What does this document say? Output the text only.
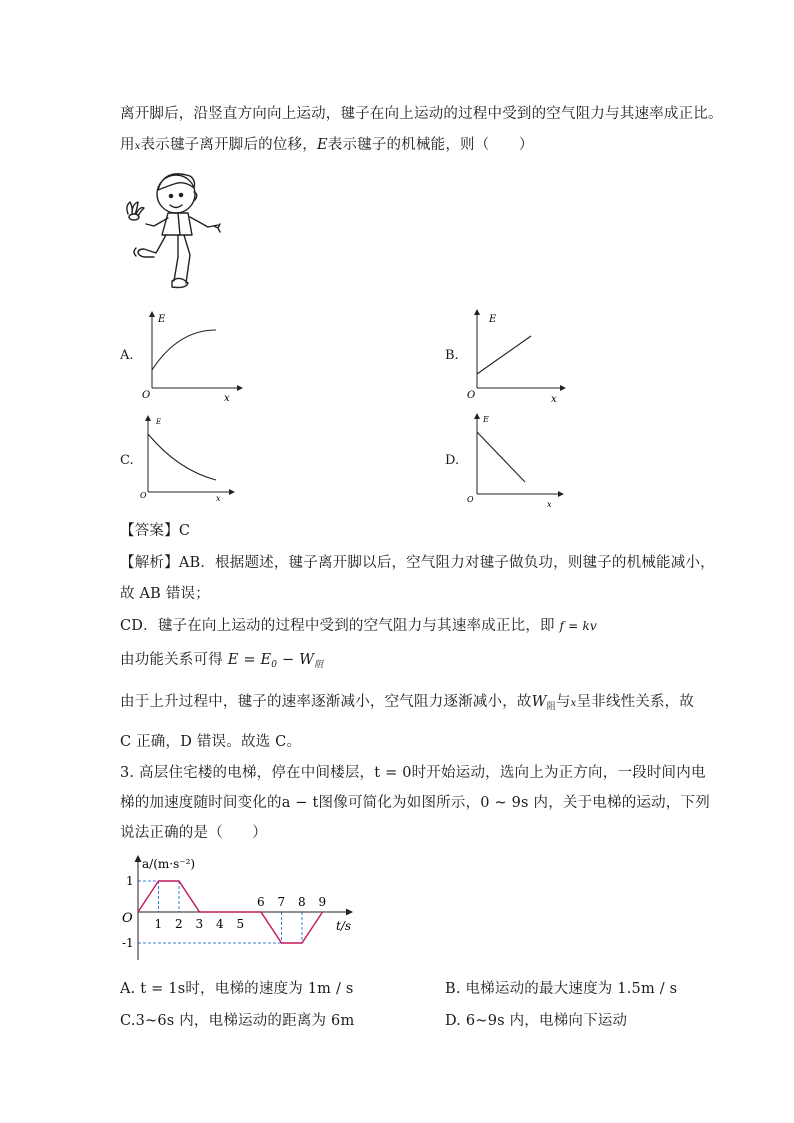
离开脚后，沿竖直方向向上运动，毽子在向上运动的过程中受到的空气阻力与其速率成正比。
用x表示毽子离开脚后的位移，E表示毽子的机械能，则（　　）
A.
E
O	x
B.
E
O	x
C.
E
O	x
D.
E
O
x
【答案】C
【解析】AB．根据题述，毽子离开脚以后，空气阻力对毽子做负功，则毽子的机械能减小，
故 AB 错误；
CD．毽子在向上运动的过程中受到的空气阻力与其速率成正比，即 f = kv
由功能关系可得 $E = E_0 - W_阻$
由于上升过程中，毽子的速率逐渐减小，空气阻力逐渐减小，故$W_阻$与x呈非线性关系，故
C 正确，D 错误。故选 C。
3. 高层住宅楼的电梯，停在中间楼层，t = 0时开始运动，选向上为正方向，一段时间内电
梯的加速度随时间变化的a − t图像可简化为如图所示，0 ~ 9s 内，关于电梯的运动，下列
说法正确的是（　　）
1 2 3 4 5
6 7 8 9
1
-1
a/(m·s⁻²)
t/s
O
A. t = 1s时，电梯的速度为 1m / s	B. 电梯运动的最大速度为 1.5m / s
C.3~6s 内，电梯运动的距离为 6m	D. 6~9s 内，电梯向下运动
